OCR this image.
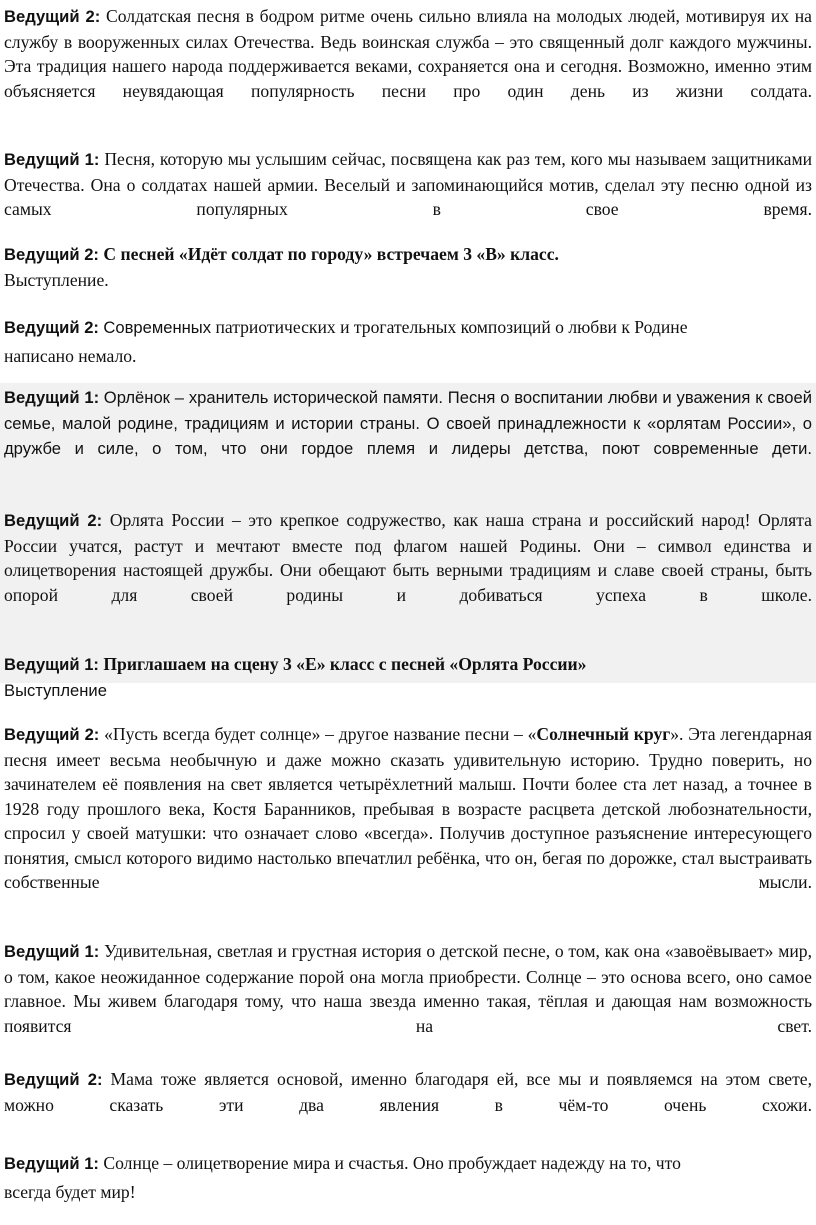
Ведущий 2: Солдатская песня в бодром ритме очень сильно влияла на молодых людей, мотивируя их на службу в вооруженных силах Отечества. Ведь воинская служба – это священный долг каждого мужчины. Эта традиция нашего народа поддерживается веками, сохраняется она и сегодня. Возможно, именно этим объясняется неувядающая популярность песни про один день из жизни солдата.

Ведущий 1: Песня, которую мы услышим сейчас, посвящена как раз тем, кого мы называем защитниками Отечества. Она о солдатах нашей армии. Веселый и запоминающийся мотив, сделал эту песню одной из самых популярных в свое время.

Ведущий 2: С песней «Идёт солдат по городу» встречаем 3 «В» класс.
Выступление.

Ведущий 2: Современных патриотических и трогательных композиций о любви к Родине
написано немало.

Ведущий 1: Орлёнок – хранитель исторической памяти. Песня о воспитании любви и уважения к своей семье, малой родине, традициям и истории страны. О своей принадлежности к «орлятам России», о дружбе и силе, о том, что они гордое племя и лидеры детства, поют современные дети.

Ведущий 2: Орлята России – это крепкое содружество, как наша страна и российский народ! Орлята России учатся, растут и мечтают вместе под флагом нашей Родины. Они – символ единства и олицетворения настоящей дружбы. Они обещают быть верными традициям и славе своей страны, быть опорой для своей родины и добиваться успеха в школе.

Ведущий 1: Приглашаем на сцену 3 «Е» класс с песней «Орлята России»
Выступление

Ведущий 2: «Пусть всегда будет солнце» – другое название песни – «Солнечный круг». Эта легендарная песня имеет весьма необычную и даже можно сказать удивительную историю. Трудно поверить, но зачинателем её появления на свет является четырёхлетний малыш. Почти более ста лет назад, а точнее в 1928 году прошлого века, Костя Баранников, пребывая в возрасте расцвета детской любознательности, спросил у своей матушки: что означает слово «всегда». Получив доступное разъяснение интересующего понятия, смысл которого видимо настолько впечатлил ребёнка, что он, бегая по дорожке, стал выстраивать собственные мысли.

Ведущий 1: Удивительная, светлая и грустная история о детской песне, о том, как она «завоёвывает» мир, о том, какое неожиданное содержание порой она могла приобрести. Солнце – это основа всего, оно самое главное. Мы живем благодаря тому, что наша звезда именно такая, тёплая и дающая нам возможность появится на свет.

Ведущий 2: Мама тоже является основой, именно благодаря ей, все мы и появляемся на этом свете, можно сказать эти два явления в чём-то очень схожи.

Ведущий 1: Солнце – олицетворение мира и счастья. Оно пробуждает надежду на то, что
всегда будет мир!
